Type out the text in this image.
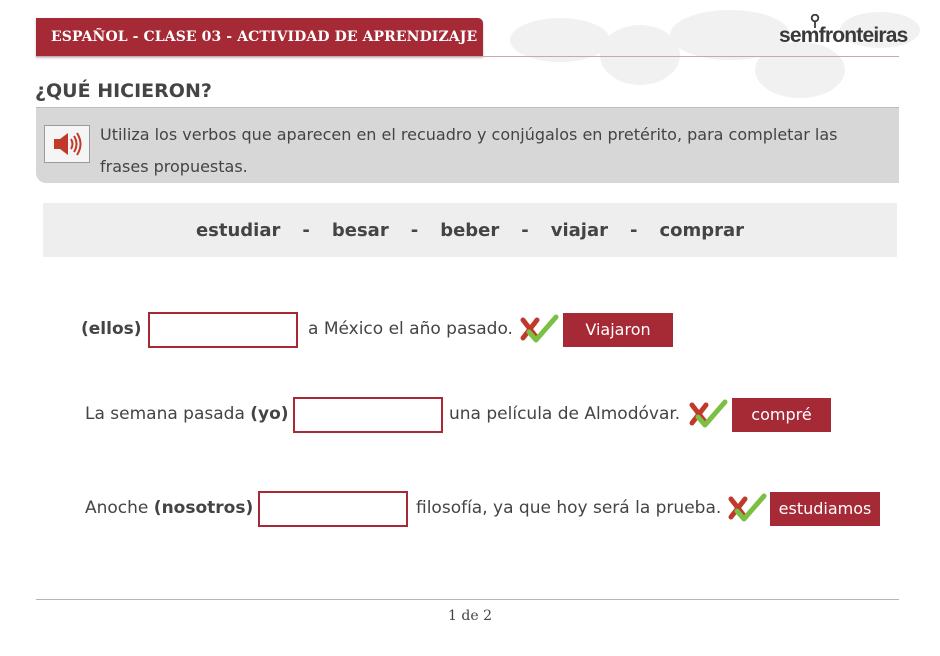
ESPAÑOL - CLASE 03 - ACTIVIDAD DE APRENDIZAJE	semfronteiras
¿QUÉ HICIERON?
Utiliza los verbos que aparecen en el recuadro y conjúgalos en pretérito, para completar las frases propuestas.
estudiar - besar - beber - viajar - comprar
(ellos)	a México el año pasado.	Viajaron
La semana pasada (yo)	una película de Almodóvar.	compré
Anoche (nosotros)	filosofía, ya que hoy será la prueba.	estudiamos
1 de 2
